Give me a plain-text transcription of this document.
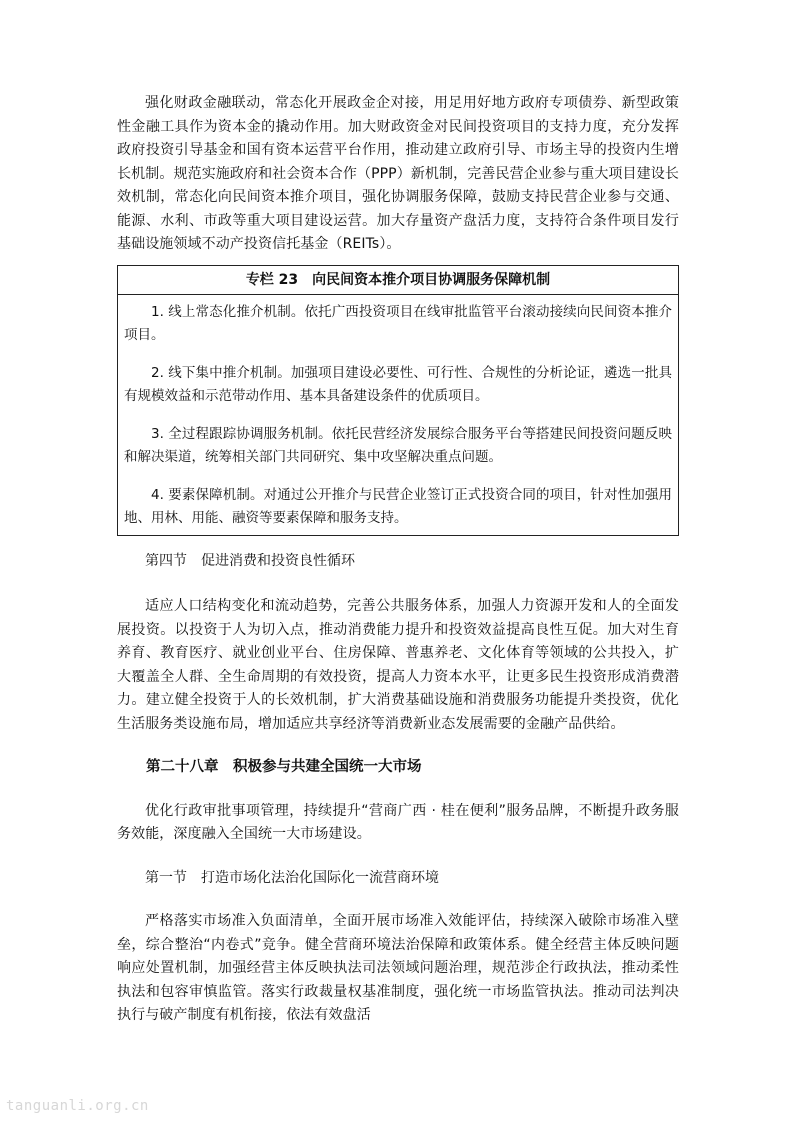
强化财政金融联动，常态化开展政金企对接，用足用好地方政府专项债券、新型政策性金融工具作为资本金的撬动作用。加大财政资金对民间投资项目的支持力度，充分发挥政府投资引导基金和国有资本运营平台作用，推动建立政府引导、市场主导的投资内生增长机制。规范实施政府和社会资本合作（PPP）新机制，完善民营企业参与重大项目建设长效机制，常态化向民间资本推介项目，强化协调服务保障，鼓励支持民营企业参与交通、能源、水利、市政等重大项目建设运营。加大存量资产盘活力度，支持符合条件项目发行基础设施领域不动产投资信托基金（REITs）。

专栏 23　向民间资本推介项目协调服务保障机制

1. 线上常态化推介机制。依托广西投资项目在线审批监管平台滚动接续向民间资本推介项目。

2. 线下集中推介机制。加强项目建设必要性、可行性、合规性的分析论证，遴选一批具有规模效益和示范带动作用、基本具备建设条件的优质项目。

3. 全过程跟踪协调服务机制。依托民营经济发展综合服务平台等搭建民间投资问题反映和解决渠道，统筹相关部门共同研究、集中攻坚解决重点问题。

4. 要素保障机制。对通过公开推介与民营企业签订正式投资合同的项目，针对性加强用地、用林、用能、融资等要素保障和服务支持。

第四节　促进消费和投资良性循环

适应人口结构变化和流动趋势，完善公共服务体系，加强人力资源开发和人的全面发展投资。以投资于人为切入点，推动消费能力提升和投资效益提高良性互促。加大对生育养育、教育医疗、就业创业平台、住房保障、普惠养老、文化体育等领域的公共投入，扩大覆盖全人群、全生命周期的有效投资，提高人力资本水平，让更多民生投资形成消费潜力。建立健全投资于人的长效机制，扩大消费基础设施和消费服务功能提升类投资，优化生活服务类设施布局，增加适应共享经济等消费新业态发展需要的金融产品供给。

第二十八章　积极参与共建全国统一大市场

优化行政审批事项管理，持续提升“营商广西 · 桂在便利”服务品牌，不断提升政务服务效能，深度融入全国统一大市场建设。

第一节　打造市场化法治化国际化一流营商环境

严格落实市场准入负面清单，全面开展市场准入效能评估，持续深入破除市场准入壁垒，综合整治“内卷式”竞争。健全营商环境法治保障和政策体系。健全经营主体反映问题响应处置机制，加强经营主体反映执法司法领域问题治理，规范涉企行政执法，推动柔性执法和包容审慎监管。落实行政裁量权基准制度，强化统一市场监管执法。推动司法判决执行与破产制度有机衔接，依法有效盘活

tanguanli.org.cn
